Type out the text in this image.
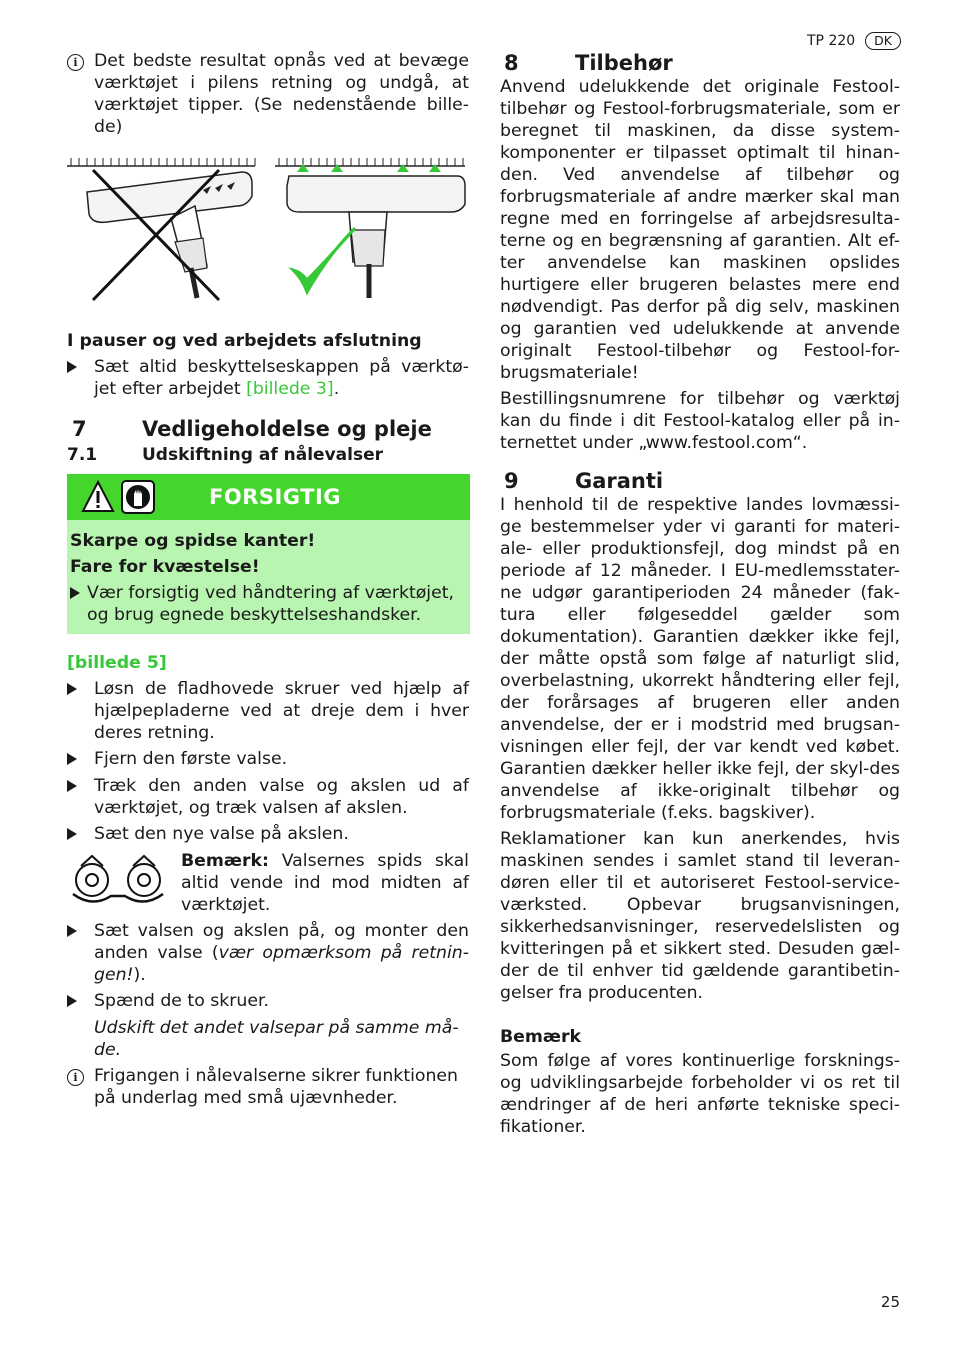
TP 220	DK
i Det bedste resultat opnås ved at bevæge værktøjet i pilens retning og undgå, at værktøjet tipper. (Se nedenstående bille-de)

I pauser og ved arbejdets afslutning

Sæt altid beskyttelseskappen på værktø-jet efter arbejdet [billede 3].

7	Vedligeholdelse og pleje
7.1	Udskiftning af nålevalser
FORSIGTIG

Skarpe og spidse kanter!

Fare for kvæstelse!

Vær forsigtig ved håndtering af værktøjet, og brug egnede beskyttelseshandsker.

[billede 5]

Løsn de fladhovede skruer ved hjælp af hjælpepladerne ved at dreje dem i hver deres retning.

Fjern den første valse.

Træk den anden valse og akslen ud af værktøjet, og træk valsen af akslen.

Sæt den nye valse på akslen.

Bemærk: Valsernes spids skal altid vende ind mod midten af værktøjet.

Sæt valsen og akslen på, og monter den anden valse (vær opmærksom på retnin-gen!).

Spænd de to skruer.

Udskift det andet valsepar på samme må-de.

i Frigangen i nålevalserne sikrer funktionen på underlag med små ujævnheder.

8	Tilbehør

Anvend udelukkende det originale Festool-tilbehør og Festool-forbrugsmateriale, som er beregnet til maskinen, da disse system-komponenter er tilpasset optimalt til hinan-den. Ved anvendelse af tilbehør og forbrugsmateriale af andre mærker skal man regne med en forringelse af arbejdsresulta-terne og en begrænsning af garantien. Alt ef-ter anvendelse kan maskinen opslides hurtigere eller brugeren belastes mere end nødvendigt. Pas derfor på dig selv, maskinen og garantien ved udelukkende at anvende originalt Festool-tilbehør og Festool-for-brugsmateriale!

Bestillingsnumrene for tilbehør og værktøj kan du finde i dit Festool-katalog eller på in-ternettet under „www.festool.com“.

9	Garanti

I henhold til de respektive landes lovmæssi-ge bestemmelser yder vi garanti for materi-ale- eller produktionsfejl, dog mindst på en periode af 12 måneder. I EU-medlemsstater-ne udgør garantiperioden 24 måneder (fak-tura eller følgeseddel gælder som dokumentation). Garantien dækker ikke fejl, der måtte opstå som følge af naturligt slid, overbelastning, ukorrekt håndtering eller fejl, der forårsages af brugeren eller anden anvendelse, der er i modstrid med brugsan-visningen eller fejl, der var kendt ved købet. Garantien dækker heller ikke fejl, der skyl-des anvendelse af ikke-originalt tilbehør og forbrugsmateriale (f.eks. bagskiver).

Reklamationer kan kun anerkendes, hvis maskinen sendes i samlet stand til leveran-døren eller til et autoriseret Festool-service-værksted. Opbevar brugsanvisningen, sikkerhedsanvisninger, reservedelslisten og kvitteringen på et sikkert sted. Desuden gæl-der de til enhver tid gældende garantibetin-gelser fra producenten.

Bemærk

Som følge af vores kontinuerlige forsknings- og udviklingsarbejde forbeholder vi os ret til ændringer af de heri anførte tekniske speci-fikationer.

25
